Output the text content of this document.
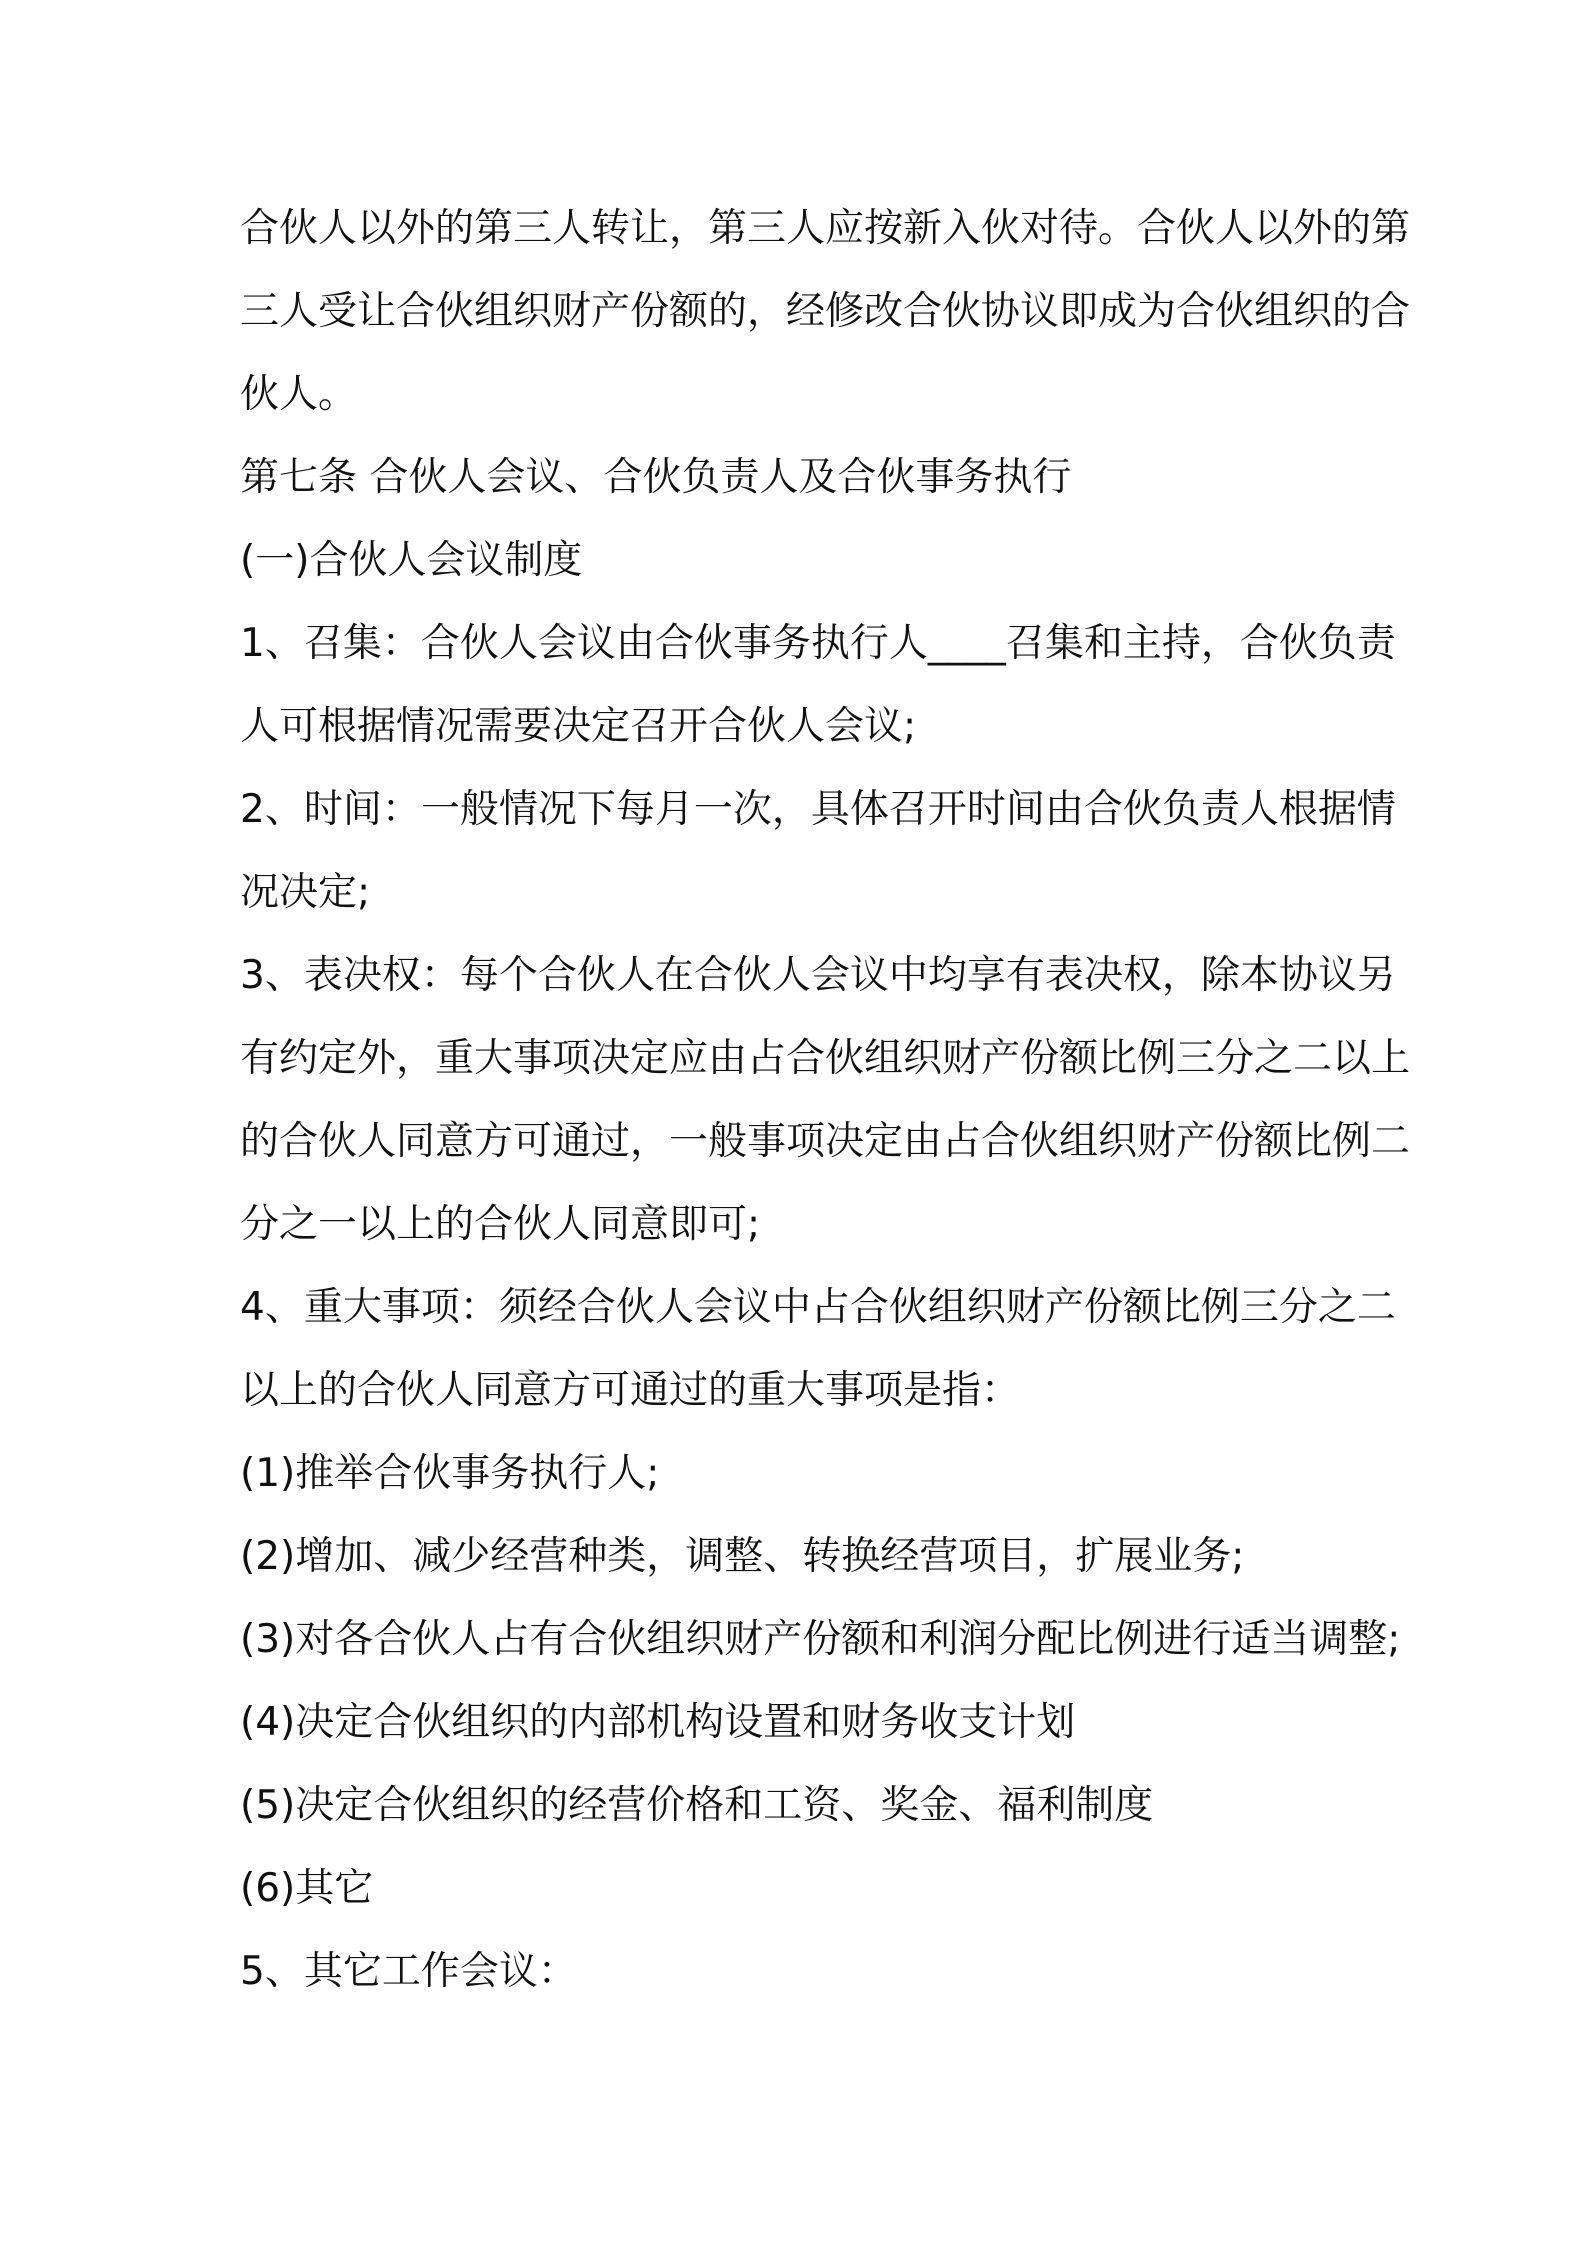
合伙人以外的第三人转让，第三人应按新入伙对待。合伙人以外的第

三人受让合伙组织财产份额的，经修改合伙协议即成为合伙组织的合

伙人。

第七条 合伙人会议、合伙负责人及合伙事务执行

(一)合伙人会议制度

1、召集：合伙人会议由合伙事务执行人____召集和主持，合伙负责

人可根据情况需要决定召开合伙人会议;

2、时间：一般情况下每月一次，具体召开时间由合伙负责人根据情

况决定;

3、表决权：每个合伙人在合伙人会议中均享有表决权，除本协议另

有约定外，重大事项决定应由占合伙组织财产份额比例三分之二以上

的合伙人同意方可通过，一般事项决定由占合伙组织财产份额比例二

分之一以上的合伙人同意即可;

4、重大事项：须经合伙人会议中占合伙组织财产份额比例三分之二

以上的合伙人同意方可通过的重大事项是指：

(1)推举合伙事务执行人;

(2)增加、减少经营种类，调整、转换经营项目，扩展业务;

(3)对各合伙人占有合伙组织财产份额和利润分配比例进行适当调整;

(4)决定合伙组织的内部机构设置和财务收支计划

(5)决定合伙组织的经营价格和工资、奖金、福利制度

(6)其它

5、其它工作会议：
